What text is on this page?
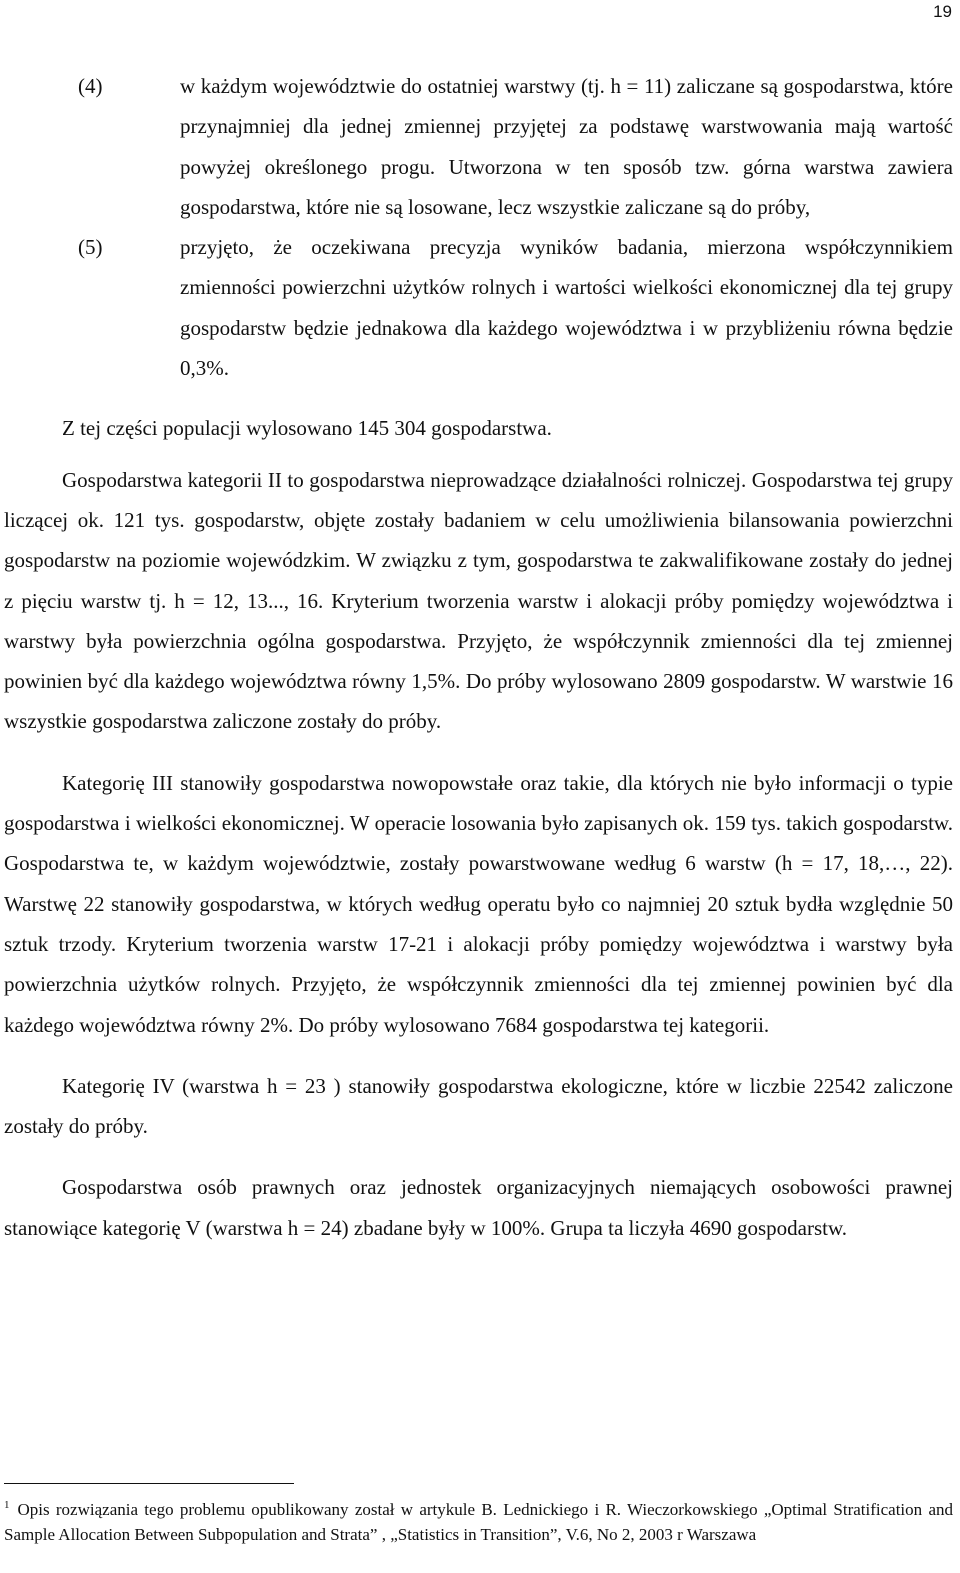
19
(4)	w każdym województwie do ostatniej warstwy (tj. h = 11) zaliczane są gospodarstwa, które przynajmniej dla jednej zmiennej przyjętej za podstawę warstwowania mają wartość powyżej określonego progu. Utworzona w ten sposób tzw. górna warstwa zawiera gospodarstwa, które nie są losowane, lecz wszystkie zaliczane są do próby,
(5)	przyjęto, że oczekiwana precyzja wyników badania, mierzona współczynnikiem zmienności powierzchni użytków rolnych i wartości wielkości ekonomicznej dla tej grupy gospodarstw będzie jednakowa dla każdego województwa i w przybliżeniu równa będzie 0,3%.
Z tej części populacji wylosowano 145 304 gospodarstwa.

Gospodarstwa kategorii II to gospodarstwa nieprowadzące działalności rolniczej. Gospodarstwa tej grupy liczącej ok. 121 tys. gospodarstw, objęte zostały badaniem w celu umożliwienia bilansowania powierzchni gospodarstw na poziomie wojewódzkim. W związku z tym, gospodarstwa te zakwalifikowane zostały do jednej z pięciu warstw tj. h = 12, 13..., 16. Kryterium tworzenia warstw i alokacji próby pomiędzy województwa i warstwy była powierzchnia ogólna gospodarstwa. Przyjęto, że współczynnik zmienności dla tej zmiennej powinien być dla każdego województwa równy 1,5%. Do próby wylosowano 2809 gospodarstw. W warstwie 16 wszystkie gospodarstwa zaliczone zostały do próby.

Kategorię III stanowiły gospodarstwa nowopowstałe oraz takie, dla których nie było informacji o typie gospodarstwa i wielkości ekonomicznej. W operacie losowania było zapisanych ok. 159 tys. takich gospodarstw. Gospodarstwa te, w każdym województwie, zostały powarstwowane według 6 warstw (h = 17, 18,…, 22). Warstwę 22 stanowiły gospodarstwa, w których według operatu było co najmniej 20 sztuk bydła względnie 50 sztuk trzody. Kryterium tworzenia warstw 17-21 i alokacji próby pomiędzy województwa i warstwy była powierzchnia użytków rolnych. Przyjęto, że współczynnik zmienności dla tej zmiennej powinien być dla każdego województwa równy 2%. Do próby wylosowano 7684 gospodarstwa tej kategorii.

Kategorię IV (warstwa h = 23 ) stanowiły gospodarstwa ekologiczne, które w liczbie 22542 zaliczone zostały do próby.

Gospodarstwa osób prawnych oraz jednostek organizacyjnych niemających osobowości prawnej stanowiące kategorię V (warstwa h = 24) zbadane były w 100%. Grupa ta liczyła 4690 gospodarstw.

$^1$ Opis rozwiązania tego problemu opublikowany został w artykule B. Lednickiego i R. Wieczorkowskiego „Optimal Stratification and Sample Allocation Between Subpopulation and Strata” , „Statistics in Transition”, V.6, No 2, 2003 r Warszawa
